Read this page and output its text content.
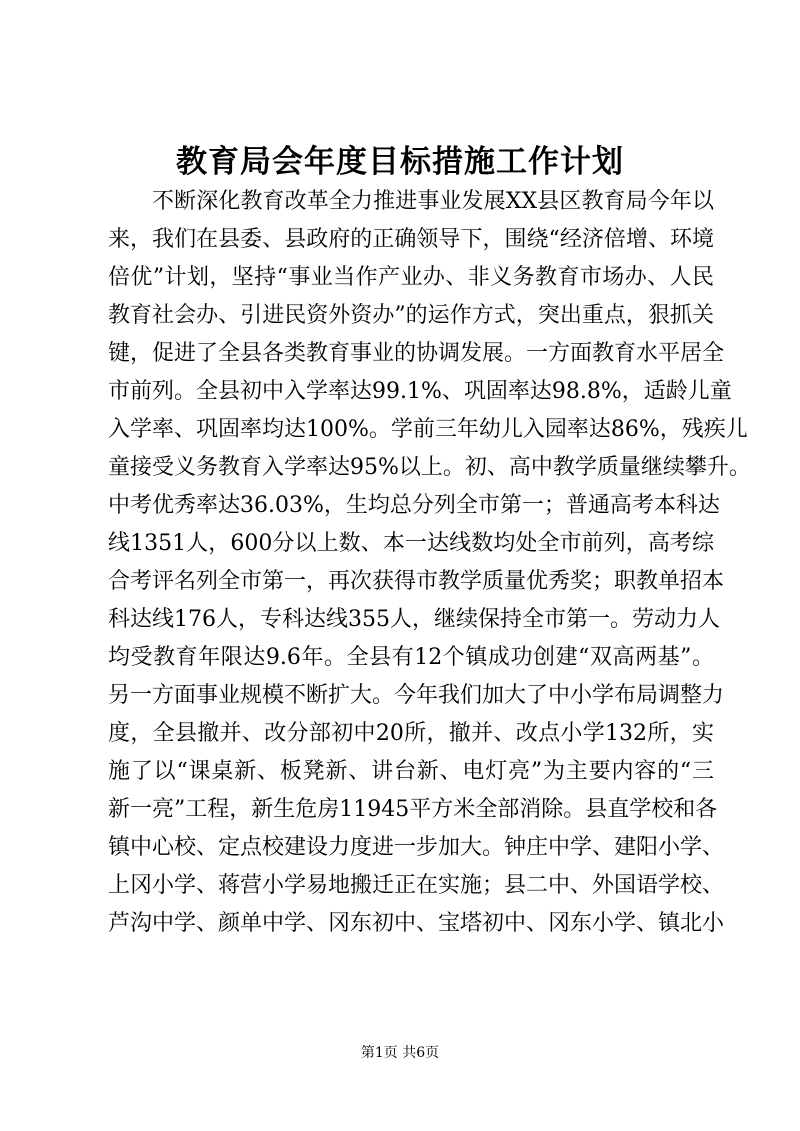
教育局会年度目标措施工作计划
不断深化教育改革全力推进事业发展XX县区教育局今年以
来，我们在县委、县政府的正确领导下，围绕“经济倍增、环境
倍优”计划，坚持“事业当作产业办、非义务教育市场办、人民
教育社会办、引进民资外资办”的运作方式，突出重点，狠抓关
键，促进了全县各类教育事业的协调发展。一方面教育水平居全
市前列。全县初中入学率达99.1%、巩固率达98.8%，适龄儿童
入学率、巩固率均达100%。学前三年幼儿入园率达86%，残疾儿
童接受义务教育入学率达95%以上。初、高中教学质量继续攀升。
中考优秀率达36.03%，生均总分列全市第一；普通高考本科达
线1351人，600分以上数、本一达线数均处全市前列，高考综
合考评名列全市第一，再次获得市教学质量优秀奖；职教单招本
科达线176人，专科达线355人，继续保持全市第一。劳动力人
均受教育年限达9.6年。全县有12个镇成功创建“双高两基”。
另一方面事业规模不断扩大。今年我们加大了中小学布局调整力
度，全县撤并、改分部初中20所，撤并、改点小学132所，实
施了以“课桌新、板凳新、讲台新、电灯亮”为主要内容的“三
新一亮”工程，新生危房11945平方米全部消除。县直学校和各
镇中心校、定点校建设力度进一步加大。钟庄中学、建阳小学、
上冈小学、蒋营小学易地搬迁正在实施；县二中、外国语学校、
芦沟中学、颜单中学、冈东初中、宝塔初中、冈东小学、镇北小
第1页 共6页
